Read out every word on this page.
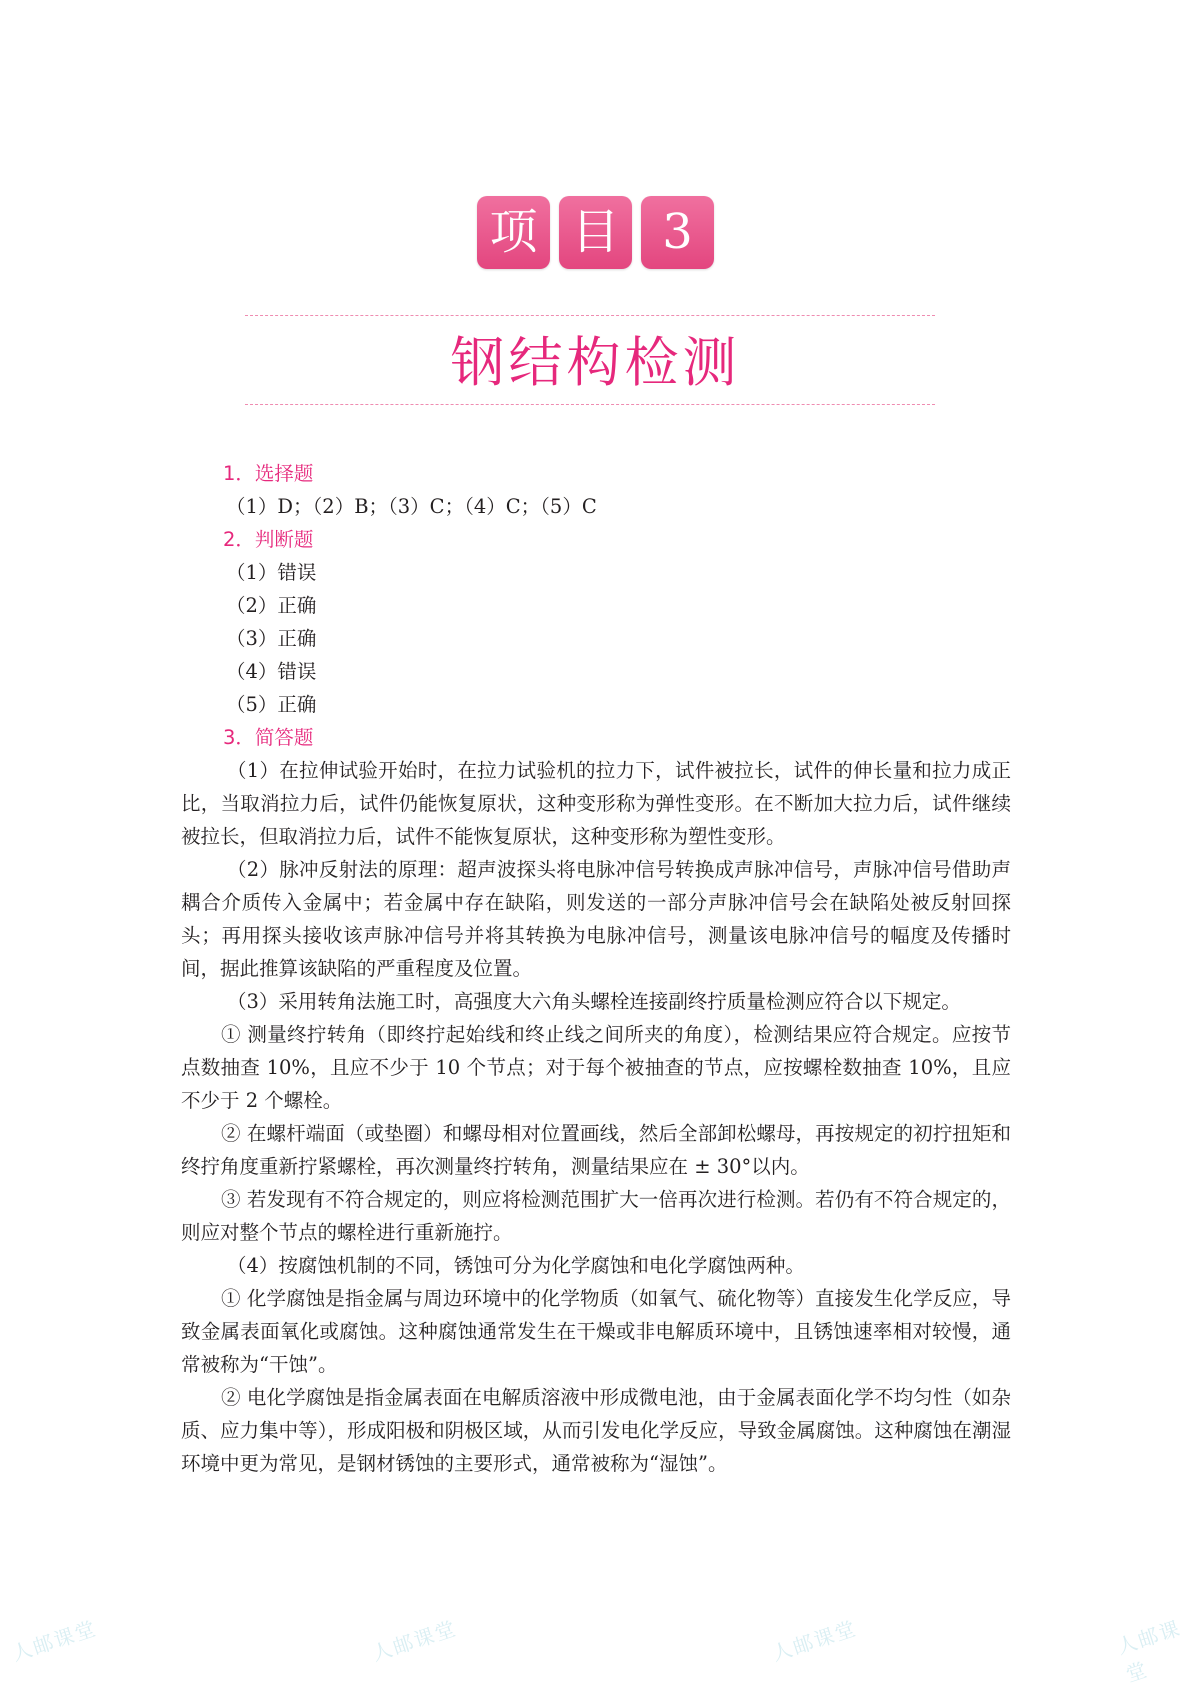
项 目 3
钢结构检测

1．选择题

（1）D；（2）B；（3）C；（4）C；（5）C

2．判断题

（1）错误

（2）正确

（3）正确

（4）错误

（5）正确

3．简答题

（1）在拉伸试验开始时，在拉力试验机的拉力下，试件被拉长，试件的伸长量和拉力成正比，当取消拉力后，试件仍能恢复原状，这种变形称为弹性变形。在不断加大拉力后，试件继续被拉长，但取消拉力后，试件不能恢复原状，这种变形称为塑性变形。

（2）脉冲反射法的原理：超声波探头将电脉冲信号转换成声脉冲信号，声脉冲信号借助声耦合介质传入金属中；若金属中存在缺陷，则发送的一部分声脉冲信号会在缺陷处被反射回探头；再用探头接收该声脉冲信号并将其转换为电脉冲信号，测量该电脉冲信号的幅度及传播时间，据此推算该缺陷的严重程度及位置。

（3）采用转角法施工时，高强度大六角头螺栓连接副终拧质量检测应符合以下规定。

① 测量终拧转角（即终拧起始线和终止线之间所夹的角度），检测结果应符合规定。应按节点数抽查 10%，且应不少于 10 个节点；对于每个被抽查的节点，应按螺栓数抽查 10%，且应不少于 2 个螺栓。

② 在螺杆端面（或垫圈）和螺母相对位置画线，然后全部卸松螺母，再按规定的初拧扭矩和终拧角度重新拧紧螺栓，再次测量终拧转角，测量结果应在 ± 30°以内。

③ 若发现有不符合规定的，则应将检测范围扩大一倍再次进行检测。若仍有不符合规定的，则应对整个节点的螺栓进行重新施拧。

（4）按腐蚀机制的不同，锈蚀可分为化学腐蚀和电化学腐蚀两种。

① 化学腐蚀是指金属与周边环境中的化学物质（如氧气、硫化物等）直接发生化学反应，导致金属表面氧化或腐蚀。这种腐蚀通常发生在干燥或非电解质环境中，且锈蚀速率相对较慢，通常被称为“干蚀”。

② 电化学腐蚀是指金属表面在电解质溶液中形成微电池，由于金属表面化学不均匀性（如杂质、应力集中等），形成阳极和阴极区域，从而引发电化学反应，导致金属腐蚀。这种腐蚀在潮湿环境中更为常见，是钢材锈蚀的主要形式，通常被称为“湿蚀”。

人邮课堂	人邮课堂	人邮课堂	人邮课堂
